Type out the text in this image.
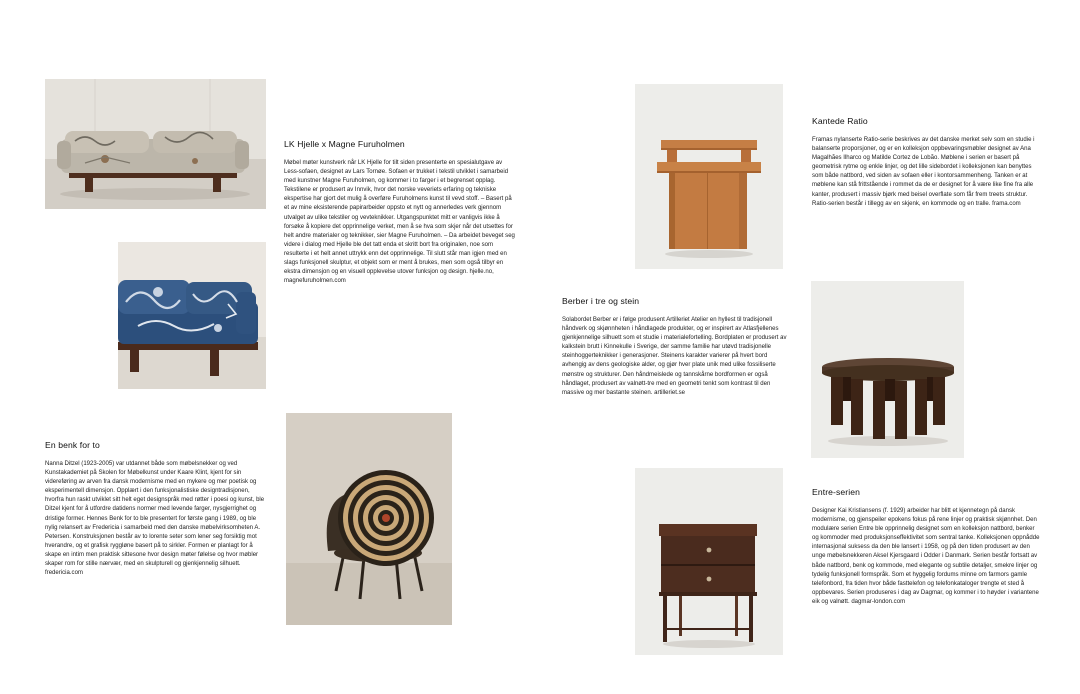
LK Hjelle x Magne Furuholmen

Møbel møter kunstverk når LK Hjelle for tilt siden presenterte en spesialutgave av Less-sofaen, designet av Lars Tornøe. Sofaen er trukket i tekstil utviklet i samarbeid med kunstner Magne Furuholmen, og kommer i to farger i et begrenset opplag. Tekstilene er produsert av Innvik, hvor det norske veveriets erfaring og tekniske ekspertise har gjort det mulig å overføre Furuholmens kunst til vevd stoff. – Basert på et av mine eksisterende papirarbeider oppsto et nytt og annerledes verk gjennom utvalget av ulike tekstiler og vevteknikker. Utgangspunktet mitt er vanligvis ikke å forsøke å kopiere det opprinnelige verket, men å se hva som skjer når det utsettes for helt andre materialer og teknikker, sier Magne Furuholmen. – Da arbeidet beveget seg videre i dialog med Hjelle ble det tatt enda et skritt bort fra originalen, noe som resulterte i et helt annet uttrykk enn det opprinnelige. Til slutt står man igjen med en slags funksjonell skulptur, et objekt som er ment å brukes, men som også tilbyr en ekstra dimensjon og en visuell opplevelse utover funksjon og design. hjelle.no, magnefuruholmen.com

En benk for to

Nanna Ditzel (1923-2005) var utdannet både som møbelsnekker og ved Kunstakademiet på Skolen for Møbelkunst under Kaare Klint, kjent for sin videreføring av arven fra dansk modernisme med en mykere og mer poetisk og eksperimentell dimensjon. Opplært i den funksjonalistiske designtradisjonen, hvorfra hun raskt utviklet sitt helt eget designspråk med røtter i poesi og kunst, ble Ditzel kjent for å utfordre datidens normer med levende farger, nysgjerrighet og dristige former. Hennes Benk for to ble presentert for første gang i 1989, og ble nylig relansert av Fredericia i samarbeid med den danske møbelvirksomheten A. Petersen. Konstruksjonen består av to lorente seter som lener seg forsiktig mot hverandre, og et grafisk ryggløne basert på to sirkler. Formen er planlagt for å skape en intim men praktisk sittesone hvor design møter følelse og hvor møbler skaper rom for stille nærvær, med en skulpturell og gjenkjennelig silhuett. fredericia.com

Kantede Ratio

Framas nylanserte Ratio-serie beskrives av det danske merket selv som en studie i balanserte proporsjoner, og er en kolleksjon oppbevaringsmøbler designet av Ana Magalhães Ilharco og Matilde Cortez de Lobão. Møblene i serien er basert på geometrisk rytme og enkle linjer, og det lille sidebordet i kolleksjonen kan benyttes som både nattbord, ved siden av sofaen eller i kontorsammenheng. Tanken er at møblene kan stå frittstående i rommet da de er designet for å være like fine fra alle kanter, produsert i massiv bjørk med beisel overflate som får frem treets struktur. Ratio-serien består i tillegg av en skjenk, en kommode og en tralle. frama.com

Berber i tre og stein

Solabordet Berber er i følge produsent Artilleriet Atelier en hyllest til tradisjonell håndverk og skjønnheten i håndlagede produkter, og er inspirert av Atlasfjellenes gjenkjennelige silhuett som et studie i materialefortelling. Bordplaten er produsert av kalkstein brutt i Kinnekulle i Sverige, der samme familie har utøvd tradisjonelle steinhoggerteknikker i generasjoner. Steinens karakter varierer på hvert bord avhengig av dens geologiske alder, og gjør hver plate unik med ulike fossiliserte mønstre og strukturer. Den håndmeislede og tannskårne bordformen er også håndlaget, produsert av valnøtt-tre med en geometri tenkt som kontrast til den massive og mer bastante steinen. artilleriet.se

Entre-serien

Designer Kai Kristiansens (f. 1929) arbeider har blitt et kjennetegn på dansk modernisme, og gjenspeiler epokens fokus på rene linjer og praktisk skjønnhet. Den modulære serien Entre ble opprinnelig designet som en kolleksjon nattbord, benker og kommoder med produksjonseffektivitet som sentral tanke. Kolleksjonen oppnådde internasjonal suksess da den ble lansert i 1958, og på den tiden produsert av den unge møbelsnekkeren Aksel Kjersgaard i Odder i Danmark. Serien består fortsatt av både nattbord, benk og kommode, med elegante og subtile detaljer, smekre linjer og tydelig funksjonell formspråk. Som et hyggelig fordums minne om farmors gamle telefonbord, fra tiden hvor både fasttelefon og telefonkataloger trengte et sted å oppbevares. Serien produseres i dag av Dagmar, og kommer i to høyder i variantene eik og valnøtt. dagmar-london.com
